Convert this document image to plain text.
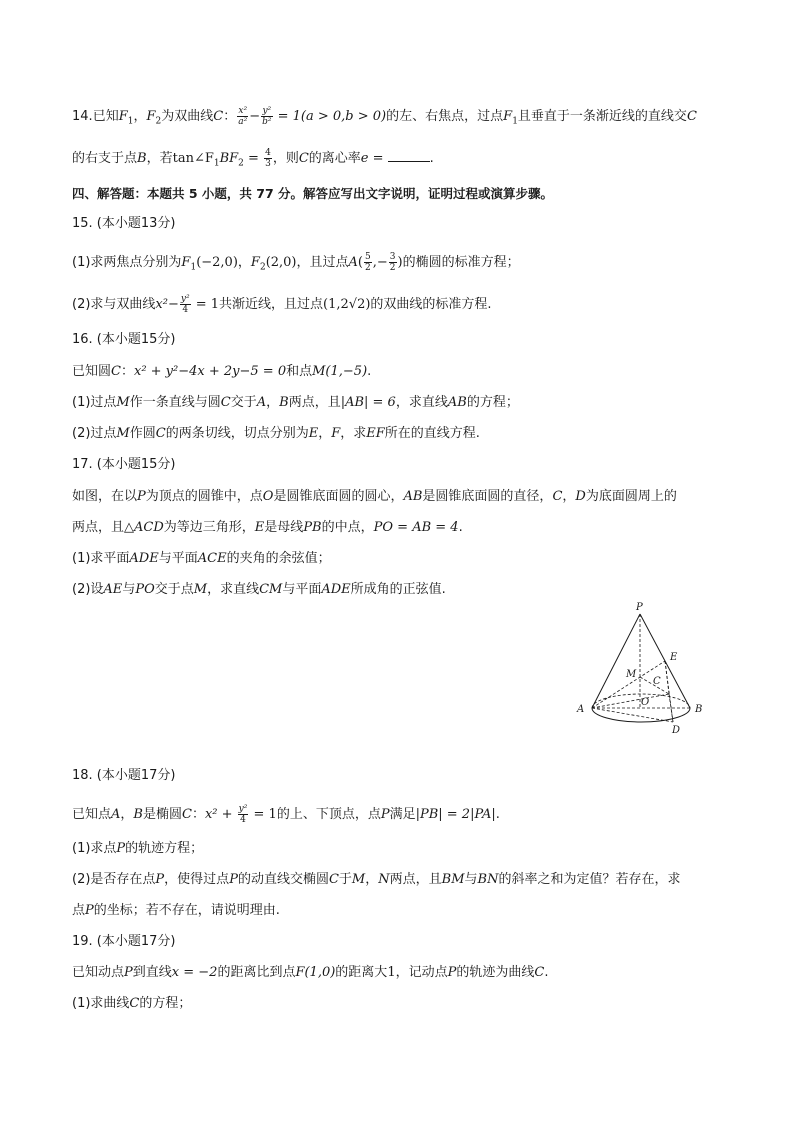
14.已知$F_1$，$F_2$为双曲线C： $\frac{\text{x²}}{\text{a²}} - \frac{\text{y²}}{\text{b²}} = 1(a > 0,b > 0)$的左、右焦点，过点$F_1$且垂直于一条渐近线的直线交C
的右支于点B，若$\tan\angle F_1BF_2 = \frac{4}{3}$ ，则C的离心率e =	.
四、解答题：本题共 5 小题，共 77 分。解答应写出文字说明，证明过程或演算步骤。
15. (本小题13分)
(1)求两焦点分别为$F_1(-2,0)$，$F_2(2,0)$，且过点$A( \frac{5}{2}$ ,− $\frac{3}{2}$ )的椭圆的标准方程；
(2)求与双曲线$x^2- \frac{\text{y²}}{4} = 1$共渐近线，且过点(1,2√2)的双曲线的标准方程.
16. (本小题15分)
已知圆C：x² + y²−4x + 2y−5 = 0和点M(1,−5).
(1)过点M作一条直线与圆C交于A，B两点，且|AB| = 6，求直线AB的方程；
(2)过点M作圆C的两条切线，切点分别为E，F，求EF所在的直线方程.
17. (本小题15分)
如图，在以P为顶点的圆锥中，点O是圆锥底面圆的圆心，AB是圆锥底面圆的直径，C，D为底面圆周上的
两点，且△ACD为等边三角形，E是母线PB的中点，PO = AB = 4.
(1)求平面ADE与平面ACE的夹角的余弦值；
(2)设AE与PO交于点M，求直线CM与平面ADE所成角的正弦值.
P
E
M
C
O
A	B
D
18. (本小题17分)
已知点A，B是椭圆C：$x^2 + \frac{\text{y²}}{4} = 1$的上、下顶点，点P满足|PB| = 2|PA|.
(1)求点P的轨迹方程；
(2)是否存在点P，使得过点P的动直线交椭圆C于M，N两点，且BM与BN的斜率之和为定值？若存在，求
点P的坐标；若不存在，请说明理由.
19. (本小题17分)
已知动点P到直线x = −2的距离比到点F(1,0)的距离大1，记动点P的轨迹为曲线C.
(1)求曲线C的方程；
